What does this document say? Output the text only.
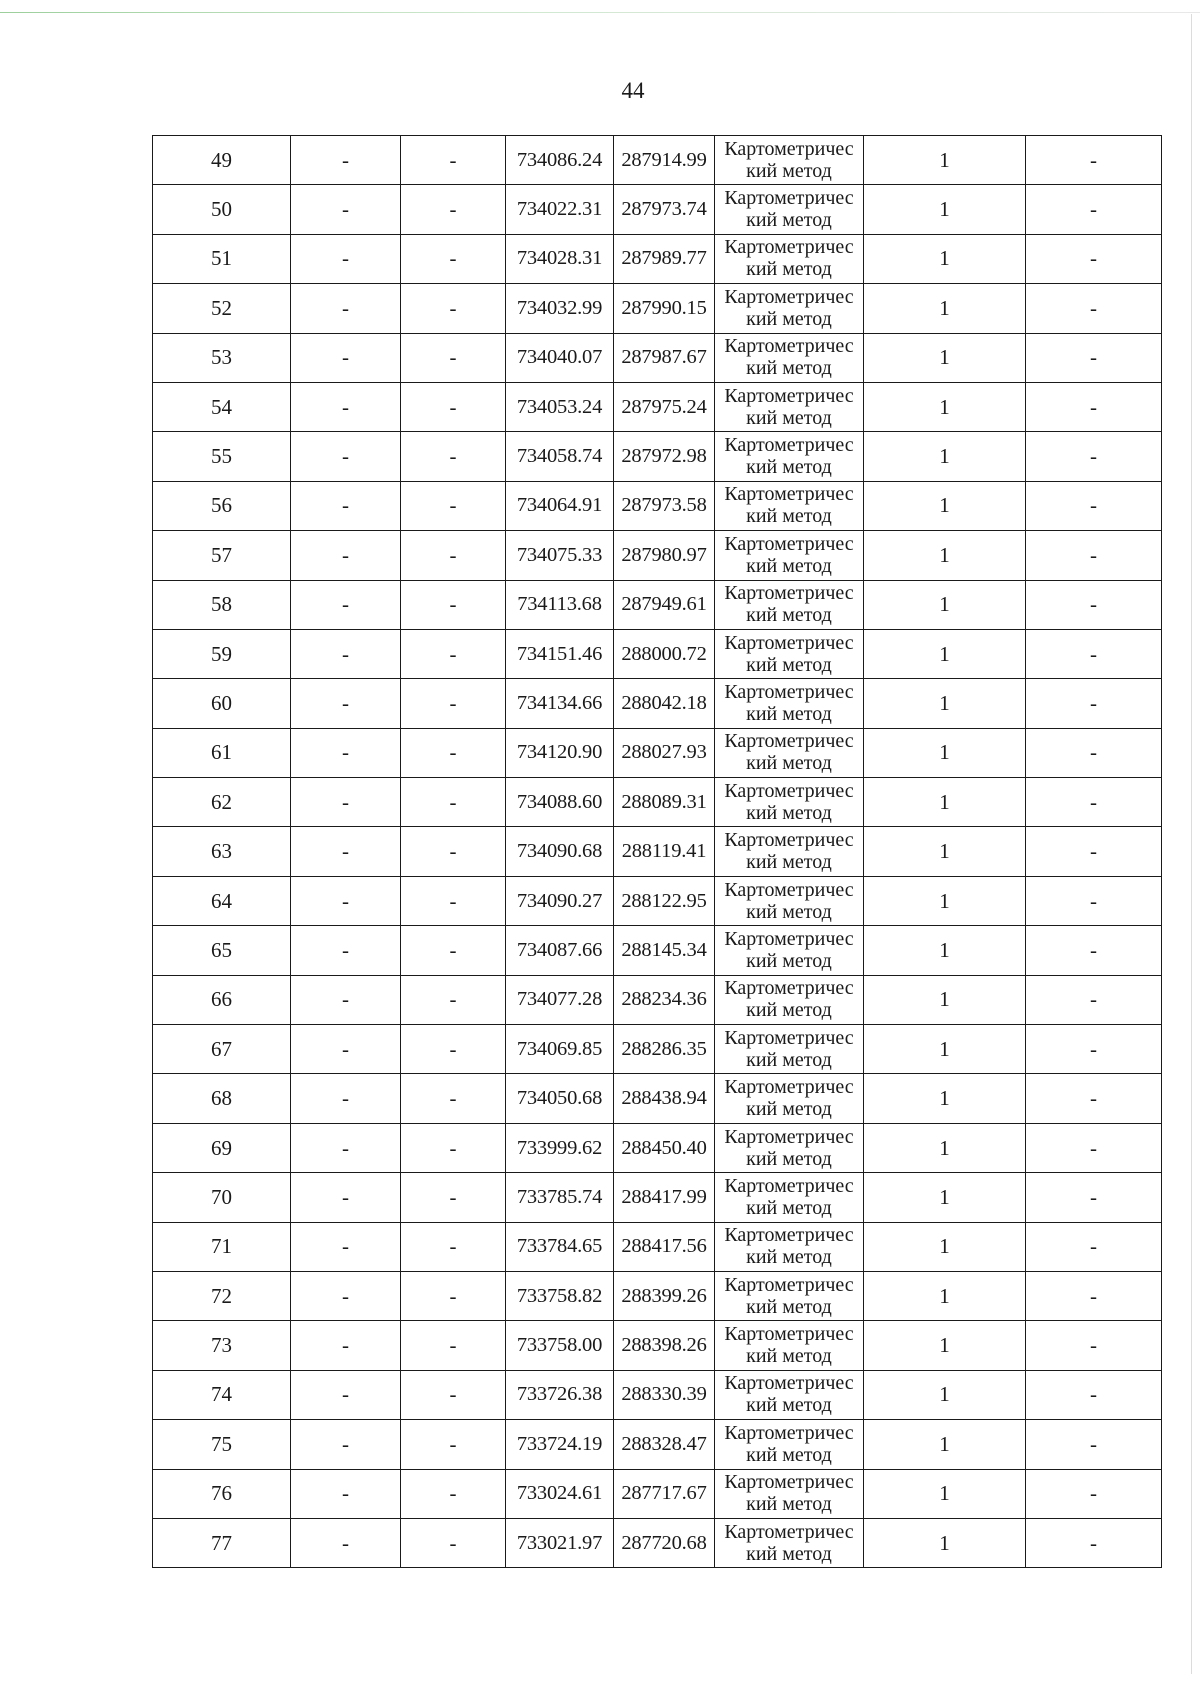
44
49	-	-	734086.24	287914.99	Картометричес
кий метод	1	-
50	-	-	734022.31	287973.74	Картометричес
кий метод	1	-
51	-	-	734028.31	287989.77	Картометричес
кий метод	1	-
52	-	-	734032.99	287990.15	Картометричес
кий метод	1	-
53	-	-	734040.07	287987.67	Картометричес
кий метод	1	-
54	-	-	734053.24	287975.24	Картометричес
кий метод	1	-
55	-	-	734058.74	287972.98	Картометричес
кий метод	1	-
56	-	-	734064.91	287973.58	Картометричес
кий метод	1	-
57	-	-	734075.33	287980.97	Картометричес
кий метод	1	-
58	-	-	734113.68	287949.61	Картометричес
кий метод	1	-
59	-	-	734151.46	288000.72	Картометричес
кий метод	1	-
60	-	-	734134.66	288042.18	Картометричес
кий метод	1	-
61	-	-	734120.90	288027.93	Картометричес
кий метод	1	-
62	-	-	734088.60	288089.31	Картометричес
кий метод	1	-
63	-	-	734090.68	288119.41	Картометричес
кий метод	1	-
64	-	-	734090.27	288122.95	Картометричес
кий метод	1	-
65	-	-	734087.66	288145.34	Картометричес
кий метод	1	-
66	-	-	734077.28	288234.36	Картометричес
кий метод	1	-
67	-	-	734069.85	288286.35	Картометричес
кий метод	1	-
68	-	-	734050.68	288438.94	Картометричес
кий метод	1	-
69	-	-	733999.62	288450.40	Картометричес
кий метод	1	-
70	-	-	733785.74	288417.99	Картометричес
кий метод	1	-
71	-	-	733784.65	288417.56	Картометричес
кий метод	1	-
72	-	-	733758.82	288399.26	Картометричес
кий метод	1	-
73	-	-	733758.00	288398.26	Картометричес
кий метод	1	-
74	-	-	733726.38	288330.39	Картометричес
кий метод	1	-
75	-	-	733724.19	288328.47	Картометричес
кий метод	1	-
76	-	-	733024.61	287717.67	Картометричес
кий метод	1	-
77	-	-	733021.97	287720.68	Картометричес
кий метод	1	-
